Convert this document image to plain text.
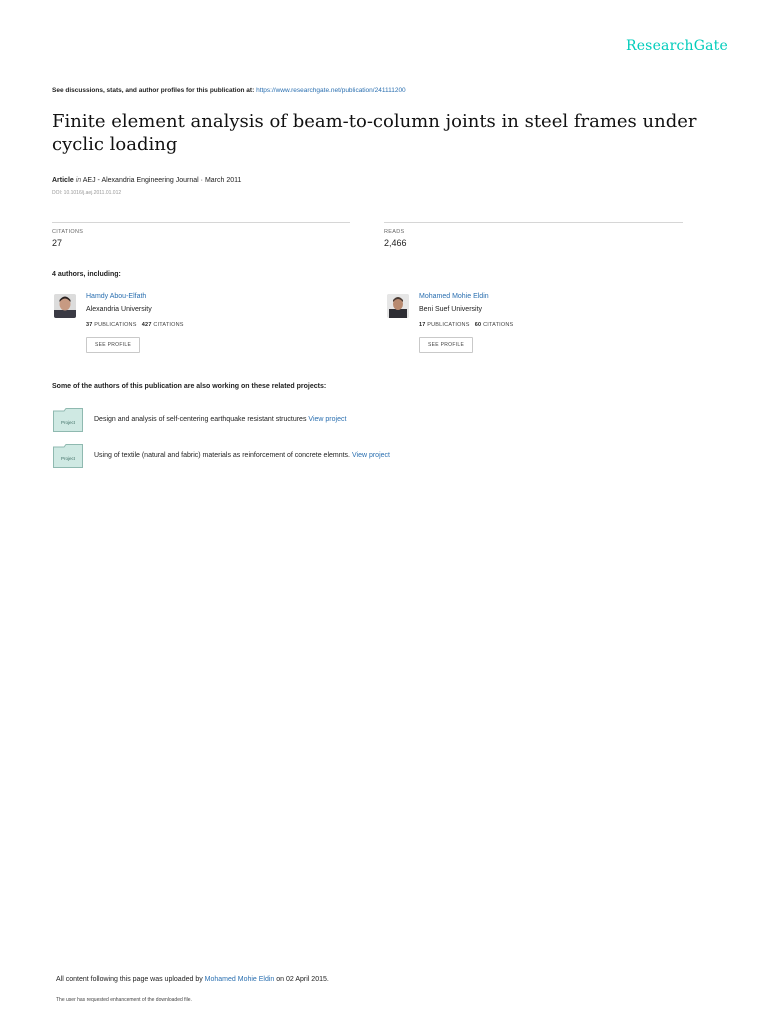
ResearchGate
See discussions, stats, and author profiles for this publication at: https://www.researchgate.net/publication/241111200
Finite element analysis of beam-to-column joints in steel frames under cyclic loading
Article in AEJ - Alexandria Engineering Journal · March 2011
DOI: 10.1016/j.aej.2011.01.012
CITATIONS
27
READS
2,466
4 authors, including:
Hamdy Abou-Elfath
Alexandria University
37 PUBLICATIONS 427 CITATIONS
SEE PROFILE
Mohamed Mohie Eldin
Beni Suef University
17 PUBLICATIONS 60 CITATIONS
SEE PROFILE
Some of the authors of this publication are also working on these related projects:
Project	Design and analysis of self-centering earthquake resistant structures View project
Project	Using of textile (natural and fabric) materials as reinforcement of concrete elemnts. View project
All content following this page was uploaded by Mohamed Mohie Eldin on 02 April 2015.
The user has requested enhancement of the downloaded file.
